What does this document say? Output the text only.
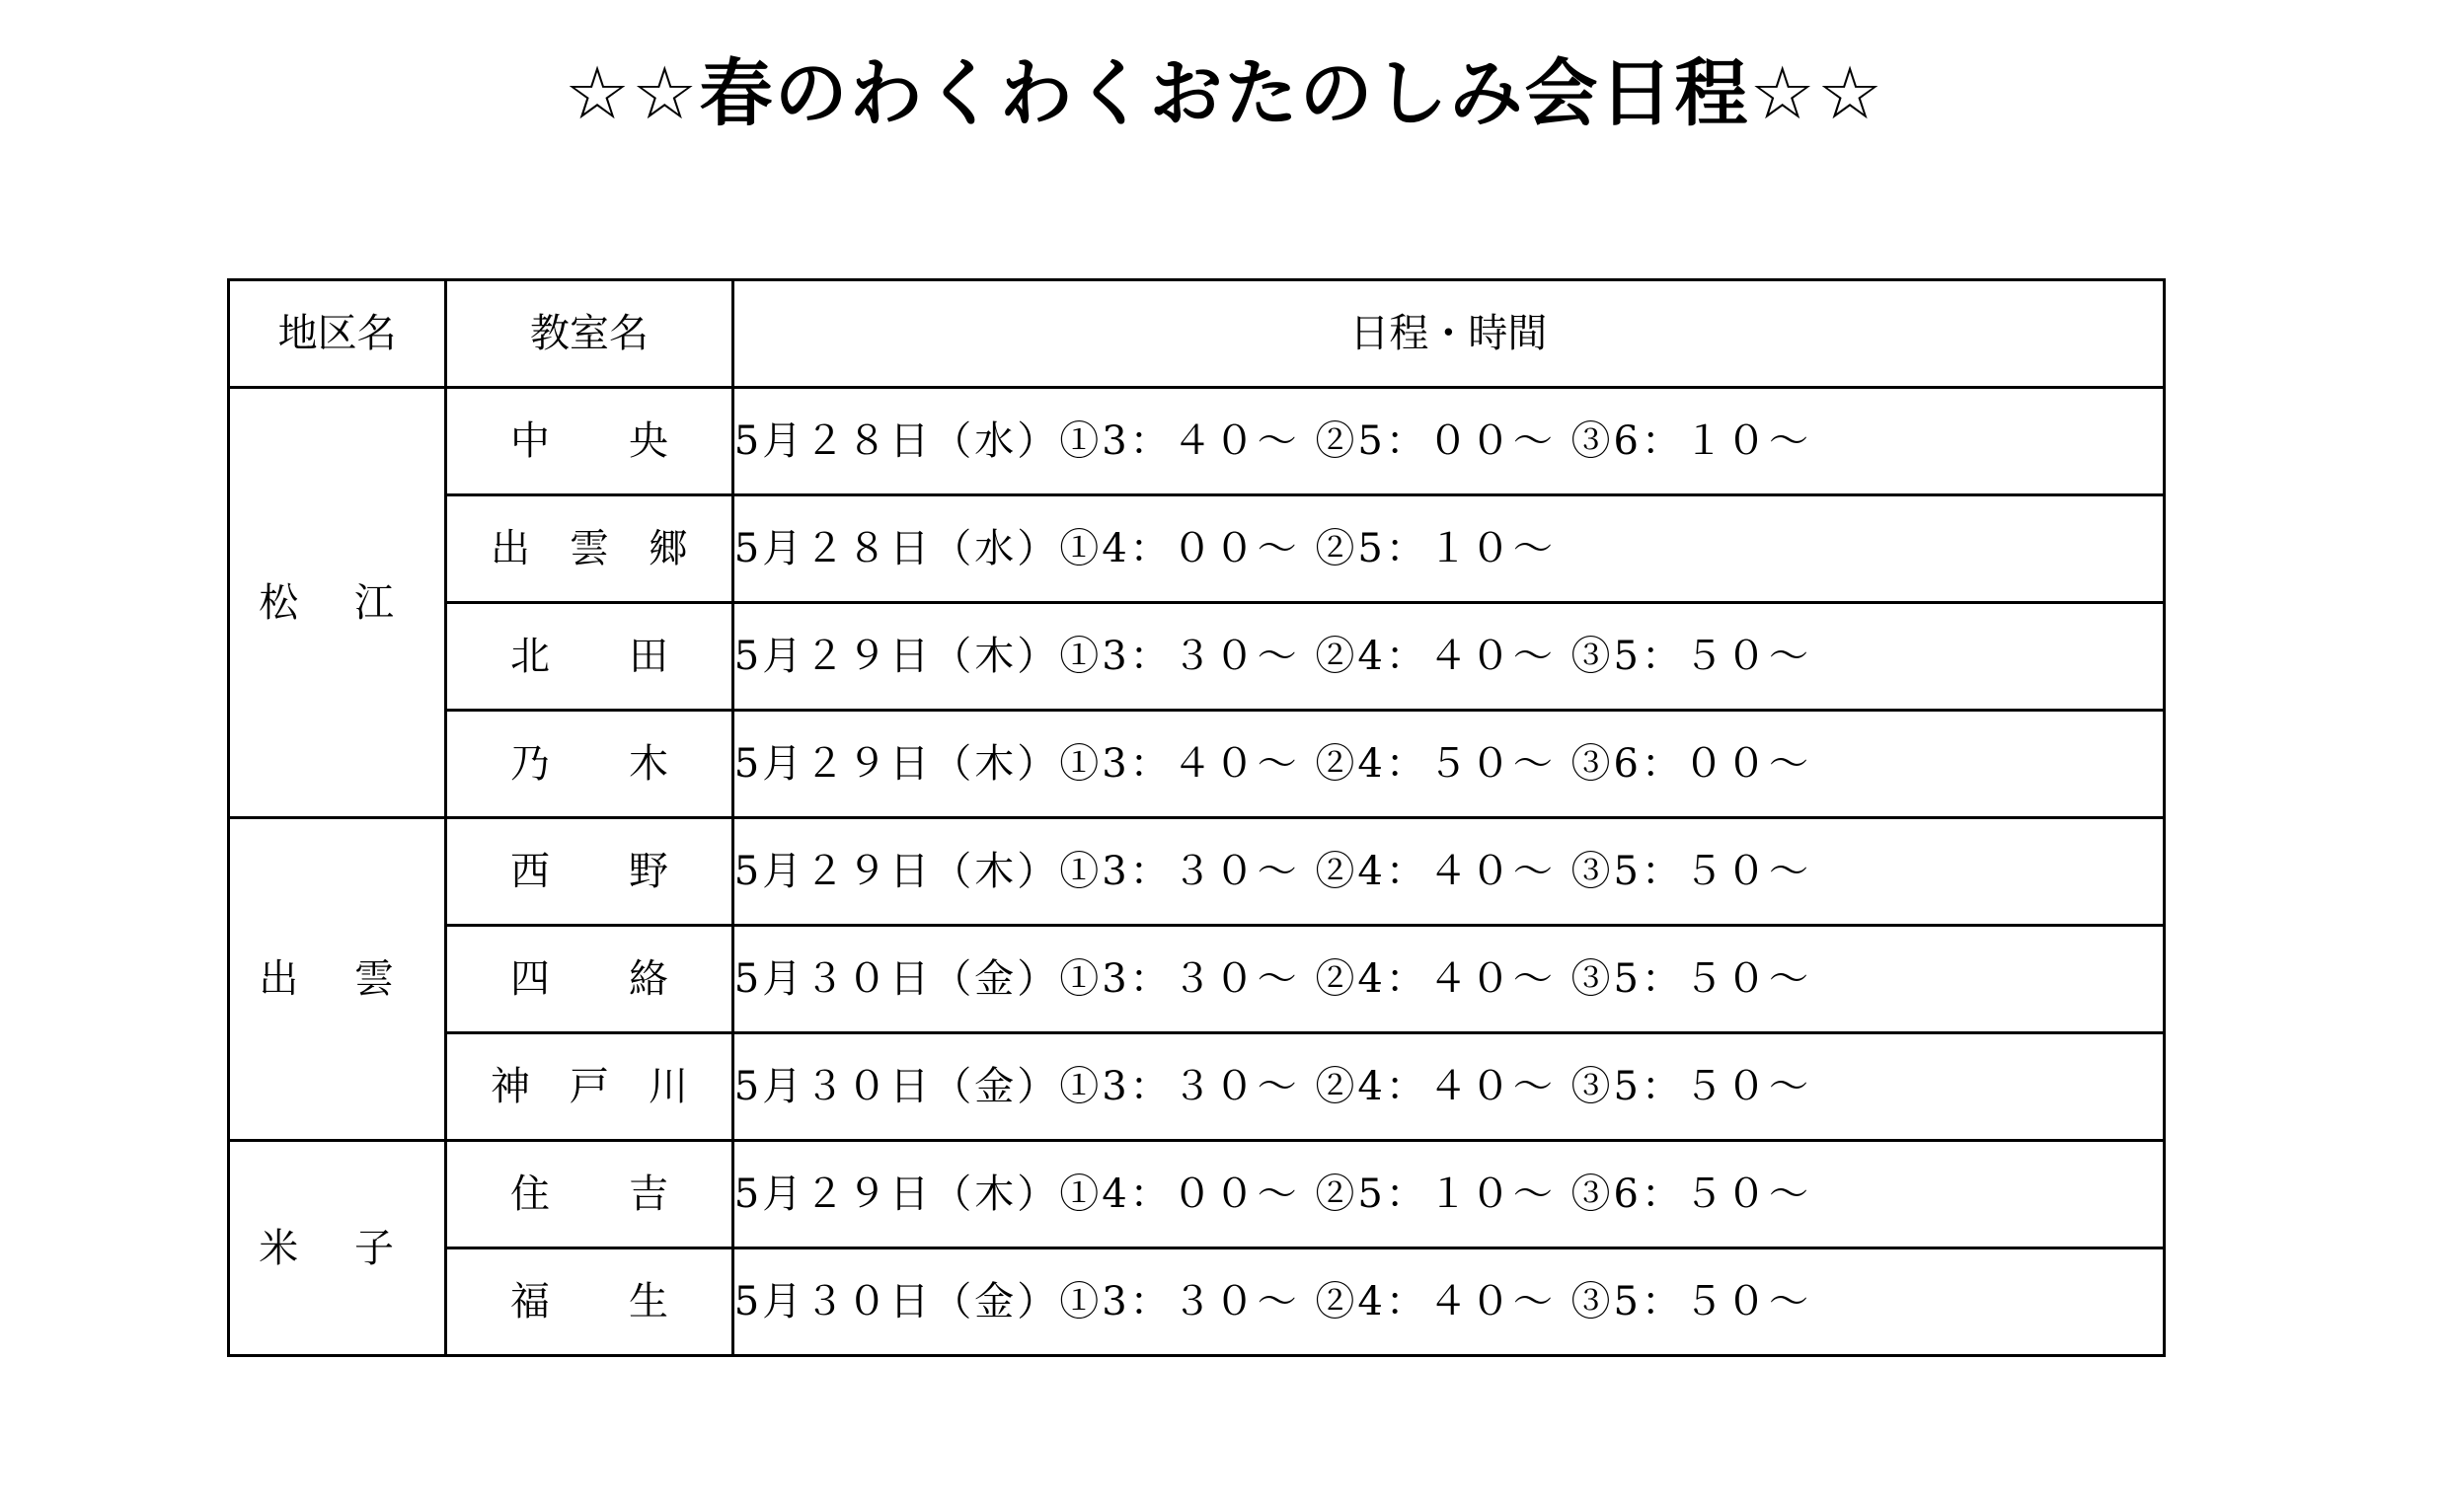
☆☆春のわくわくおたのしみ会日程☆☆
地区名	教室名	日程・時間
松 江	中　　央	5月２８日（水）①3：４０～ ②5：００～ ③6：１０～
	出　雲　郷	5月２８日（水）①4：００～ ②5：１０～
	北　　田	5月２９日（木）①3：３０～ ②4：４０～ ③5：５０～
	乃　　木	5月２９日（木）①3：４０～ ②4：５０～ ③6：００～
出 雲	西　　野	5月２９日（木）①3：３０～ ②4：４０～ ③5：５０～
	四　　絡	5月３０日（金）①3：３０～ ②4：４０～ ③5：５０～
	神　戸　川	5月３０日（金）①3：３０～ ②4：４０～ ③5：５０～
米 子	住　　吉	5月２９日（木）①4：００～ ②5：１０～ ③6：５０～
	福　　生	5月３０日（金）①3：３０～ ②4：４０～ ③5：５０～
